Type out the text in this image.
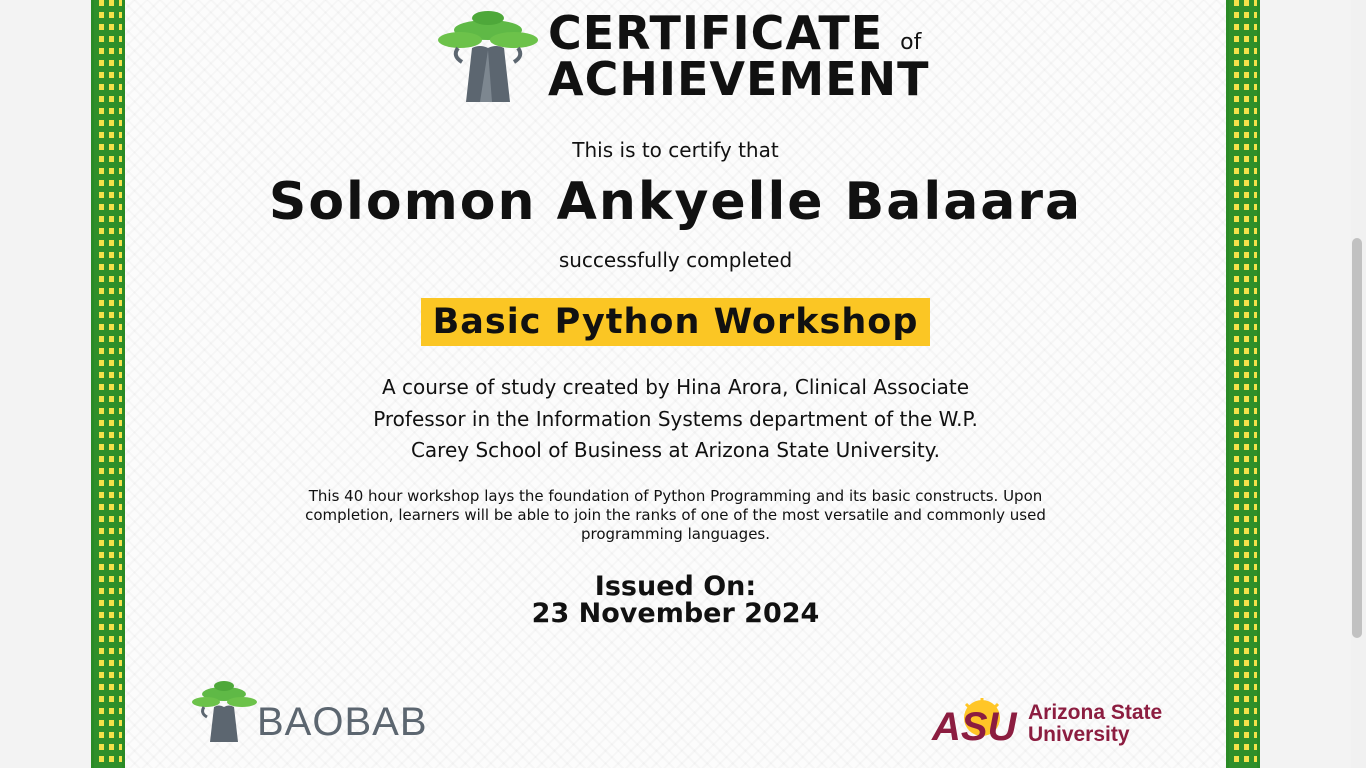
CERTIFICATE of
ACHIEVEMENT
This is to certify that
Solomon Ankyelle Balaara
successfully completed
Basic Python Workshop
A course of study created by Hina Arora, Clinical Associate Professor in the Information Systems department of the W.P. Carey School of Business at Arizona State University.
This 40 hour workshop lays the foundation of Python Programming and its basic constructs. Upon completion, learners will be able to join the ranks of one of the most versatile and commonly used programming languages.
Issued On:
23 November 2024
BAOBAB	ASU Arizona State
University
